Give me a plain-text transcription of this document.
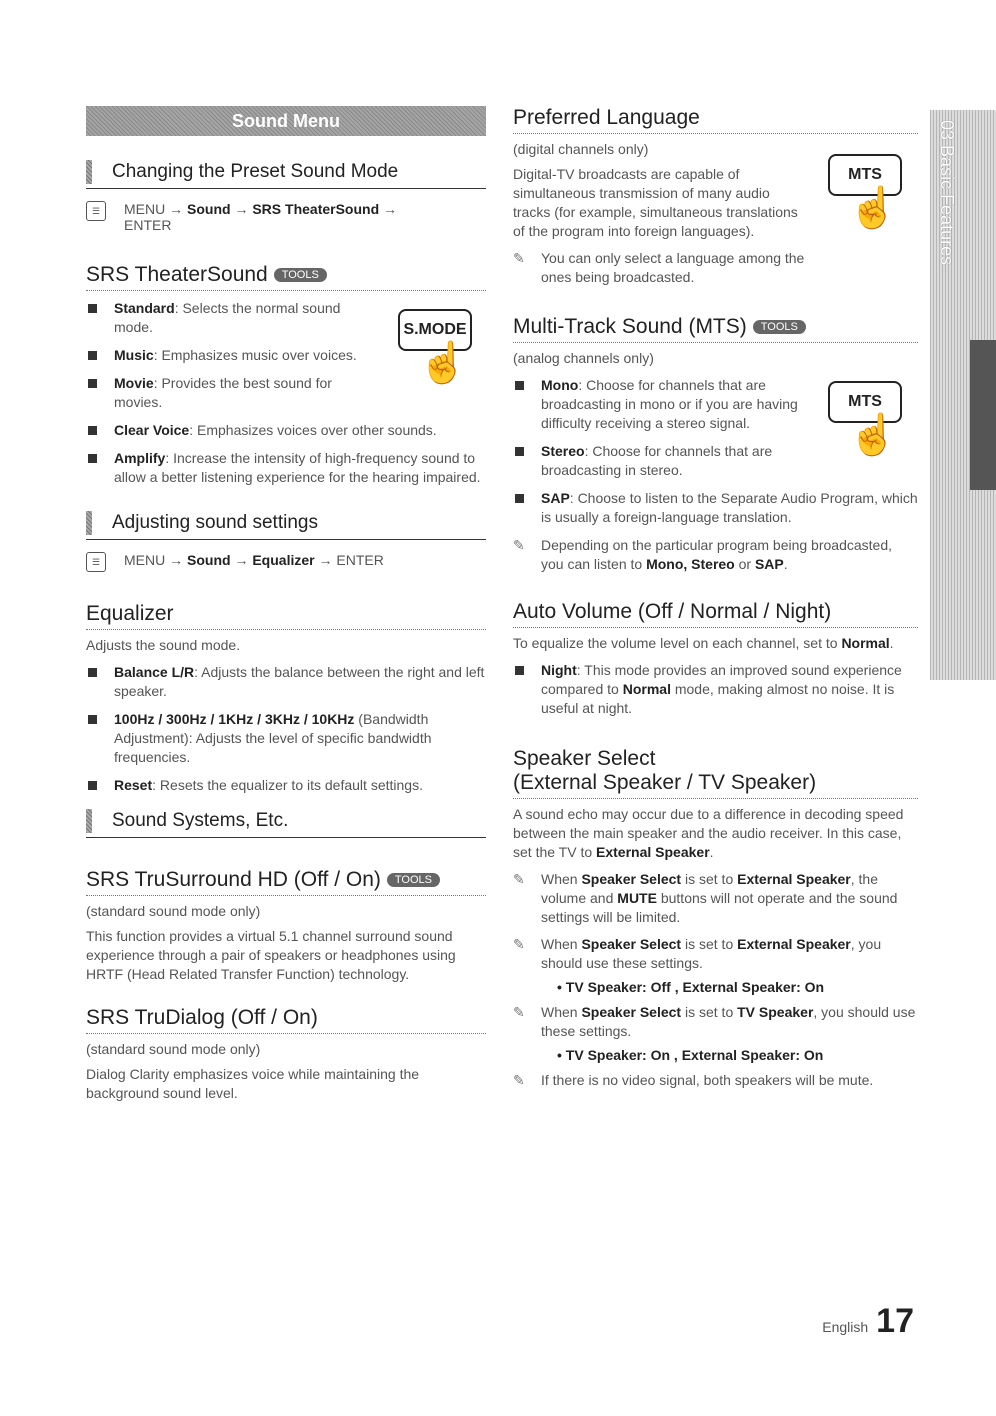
Sound Menu
Changing the Preset Sound Mode
☰	MENU → Sound → SRS TheaterSound →
ENTER
SRS TheaterSound TOOLS
S.MODE
☝
Standard: Selects the normal sound mode.
Music: Emphasizes music over voices.
Movie: Provides the best sound for movies.
Clear Voice: Emphasizes voices over other sounds.
Amplify: Increase the intensity of high-frequency sound to allow a better listening experience for the hearing impaired.
Adjusting sound settings
☰	MENU → Sound → Equalizer → ENTER
Equalizer

Adjusts the sound mode.

Balance L/R: Adjusts the balance between the right and left speaker.
100Hz / 300Hz / 1KHz / 3KHz / 10KHz (Bandwidth Adjustment): Adjusts the level of specific bandwidth frequencies.
Reset: Resets the equalizer to its default settings.
Sound Systems, Etc.
SRS TruSurround HD (Off / On) TOOLS

(standard sound mode only)

This function provides a virtual 5.1 channel surround sound experience through a pair of speakers or headphones using HRTF (Head Related Transfer Function) technology.

SRS TruDialog (Off / On)

(standard sound mode only)

Dialog Clarity emphasizes voice while maintaining the background sound level.

Preferred Language
MTS
☝

(digital channels only)

Digital-TV broadcasts are capable of simultaneous transmission of many audio tracks (for example, simultaneous translations of the program into foreign languages).

✎ You can only select a language among the ones being broadcasted.
Multi-Track Sound (MTS) TOOLS
MTS
☝

(analog channels only)

Mono: Choose for channels that are broadcasting in mono or if you are having difficulty receiving a stereo signal.
Stereo: Choose for channels that are broadcasting in stereo.
SAP: Choose to listen to the Separate Audio Program, which is usually a foreign-language translation.
✎ Depending on the particular program being broadcasted, you can listen to Mono, Stereo or SAP.
Auto Volume (Off / Normal / Night)

To equalize the volume level on each channel, set to Normal.

Night: This mode provides an improved sound experience compared to Normal mode, making almost no noise. It is useful at night.
Speaker Select
(External Speaker / TV Speaker)

A sound echo may occur due to a difference in decoding speed between the main speaker and the audio receiver. In this case, set the TV to External Speaker.

✎ When Speaker Select is set to External Speaker, the volume and MUTE buttons will not operate and the sound settings will be limited.
✎ When Speaker Select is set to External Speaker, you should use these settings.
• TV Speaker: Off , External Speaker: On
✎ When Speaker Select is set to TV Speaker, you should use these settings.
• TV Speaker: On , External Speaker: On
✎ If there is no video signal, both speakers will be mute.
03 Basic Features
English 17
